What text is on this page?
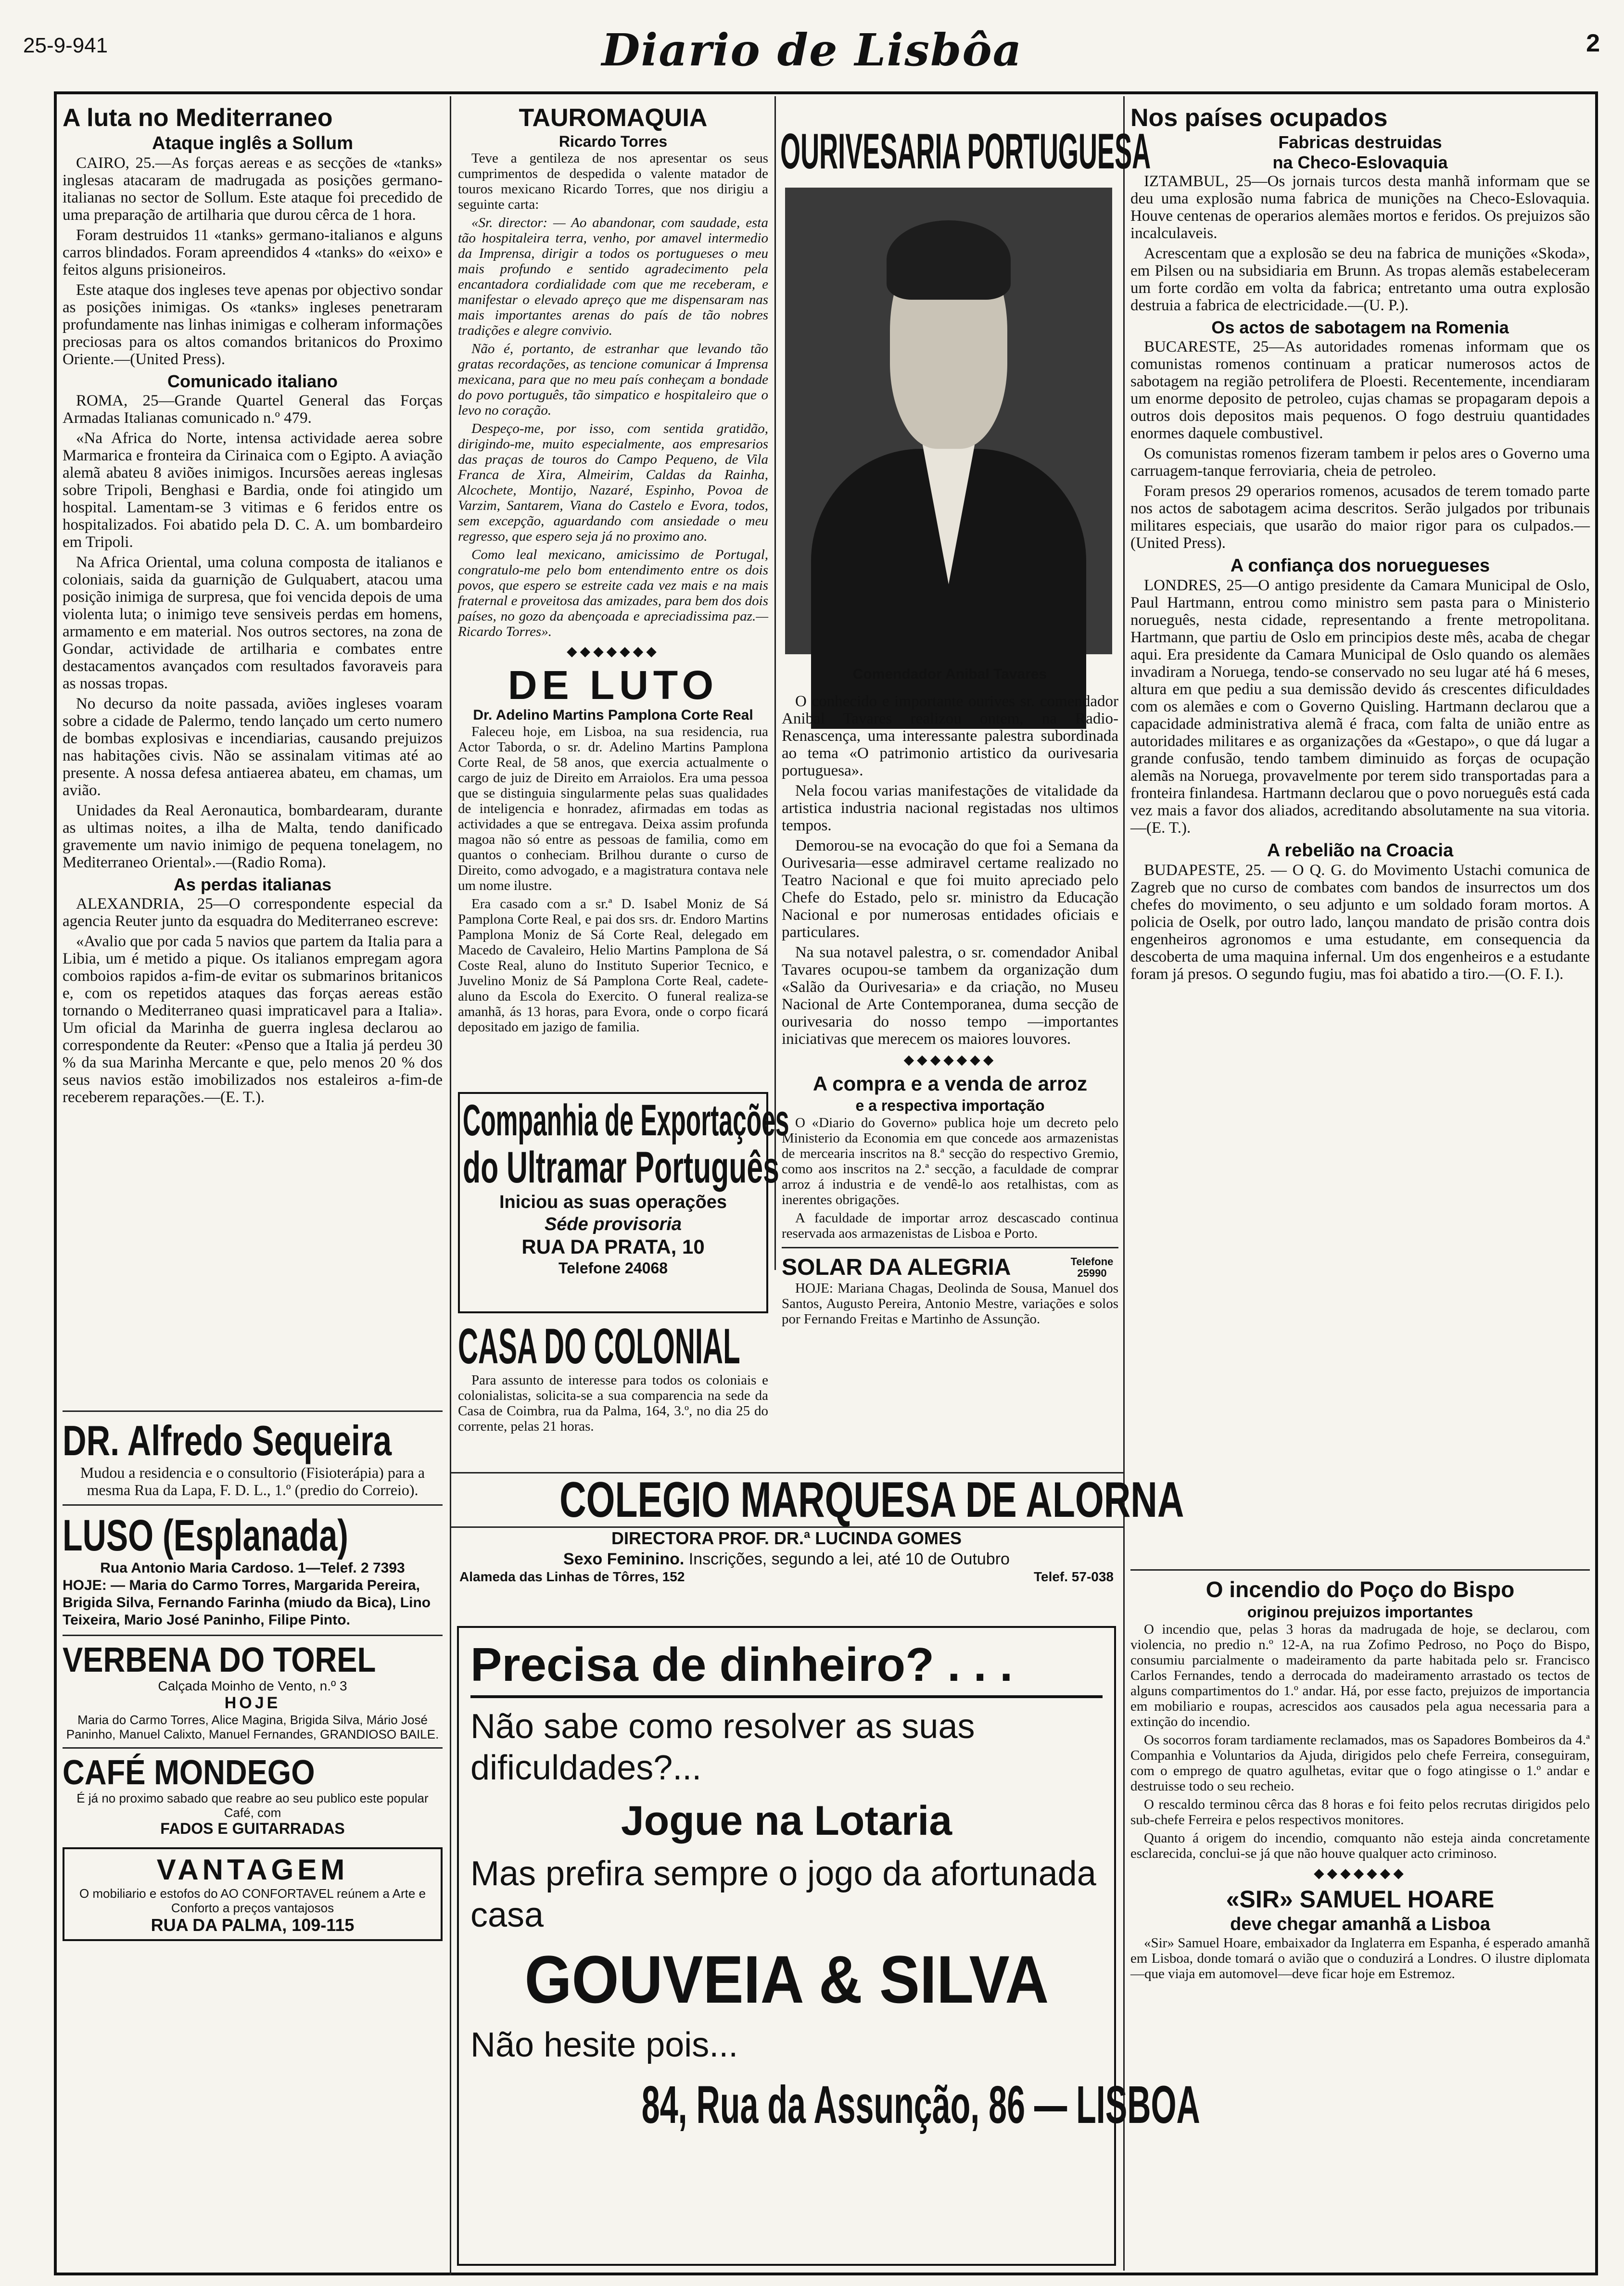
25-9-941	Diario de Lisbôa	2
A luta no Mediterraneo
Ataque inglês a Sollum

CAIRO, 25.—As forças aereas e as secções de «tanks» inglesas atacaram de madrugada as posições germano-italianas no sector de Sollum. Este ataque foi precedido de uma preparação de artilharia que durou cêrca de 1 hora.

Foram destruidos 11 «tanks» germano-italianos e alguns carros blindados. Foram apreendidos 4 «tanks» do «eixo» e feitos alguns prisioneiros.

Este ataque dos ingleses teve apenas por objectivo sondar as posições inimigas. Os «tanks» ingleses penetraram profundamente nas linhas inimigas e colheram informações preciosas para os altos comandos britanicos do Proximo Oriente.—(United Press).

Comunicado italiano

ROMA, 25—Grande Quartel General das Forças Armadas Italianas comunicado n.º 479.

«Na Africa do Norte, intensa actividade aerea sobre Marmarica e fronteira da Cirinaica com o Egipto. A aviação alemã abateu 8 aviões inimigos. Incursões aereas inglesas sobre Tripoli, Benghasi e Bardia, onde foi atingido um hospital. Lamentam-se 3 vitimas e 6 feridos entre os hospitalizados. Foi abatido pela D. C. A. um bombardeiro em Tripoli.

Na Africa Oriental, uma coluna composta de italianos e coloniais, saida da guarnição de Gulquabert, atacou uma posição inimiga de surpresa, que foi vencida depois de uma violenta luta; o inimigo teve sensiveis perdas em homens, armamento e em material. Nos outros sectores, na zona de Gondar, actividade de artilharia e combates entre destacamentos avançados com resultados favoraveis para as nossas tropas.

No decurso da noite passada, aviões ingleses voaram sobre a cidade de Palermo, tendo lançado um certo numero de bombas explosivas e incendiarias, causando prejuizos nas habitações civis. Não se assinalam vitimas até ao presente. A nossa defesa antiaerea abateu, em chamas, um avião.

Unidades da Real Aeronautica, bombardearam, durante as ultimas noites, a ilha de Malta, tendo danificado gravemente um navio inimigo de pequena tonelagem, no Mediterraneo Oriental».—(Radio Roma).

As perdas italianas

ALEXANDRIA, 25—O correspondente especial da agencia Reuter junto da esquadra do Mediterraneo escreve:

«Avalio que por cada 5 navios que partem da Italia para a Libia, um é metido a pique. Os italianos empregam agora comboios rapidos a-fim-de evitar os submarinos britanicos e, com os repetidos ataques das forças aereas estão tornando o Mediterraneo quasi impraticavel para a Italia». Um oficial da Marinha de guerra inglesa declarou ao correspondente da Reuter: «Penso que a Italia já perdeu 30 % da sua Marinha Mercante e que, pelo menos 20 % dos seus navios estão imobilizados nos estaleiros a-fim-de receberem reparações.—(E. T.).

DR. Alfredo Sequeira
Mudou a residencia e o consultorio (Fisioterápia) para a mesma Rua da Lapa, F. D. L., 1.º (predio do Correio).
LUSO (Esplanada)
Rua Antonio Maria Cardoso. 1—Telef. 2 7393
HOJE: — Maria do Carmo Torres, Margarida Pereira, Brigida Silva, Fernando Farinha (miudo da Bica), Lino Teixeira, Mario José Paninho, Filipe Pinto.
VERBENA DO TOREL
Calçada Moinho de Vento, n.º 3
HOJE
Maria do Carmo Torres, Alice Magina, Brigida Silva, Mário José Paninho, Manuel Calixto, Manuel Fernandes, GRANDIOSO BAILE.
CAFÉ MONDEGO
É já no proximo sabado que reabre ao seu publico este popular Café, com
FADOS E GUITARRADAS
VANTAGEM
O mobiliario e estofos do AO CONFORTAVEL reúnem a Arte e Conforto a preços vantajosos
RUA DA PALMA, 109-115
TAUROMAQUIA
Ricardo Torres

Teve a gentileza de nos apresentar os seus cumprimentos de despedida o valente matador de touros mexicano Ricardo Torres, que nos dirigiu a seguinte carta:

«Sr. director: — Ao abandonar, com saudade, esta tão hospitaleira terra, venho, por amavel intermedio da Imprensa, dirigir a todos os portugueses o meu mais profundo e sentido agradecimento pela encantadora cordialidade com que me receberam, e manifestar o elevado apreço que me dispensaram nas mais importantes arenas do país de tão nobres tradições e alegre convivio.

Não é, portanto, de estranhar que levando tão gratas recordações, as tencione comunicar á Imprensa mexicana, para que no meu país conheçam a bondade do povo português, tão simpatico e hospitaleiro que o levo no coração.

Despeço-me, por isso, com sentida gratidão, dirigindo-me, muito especialmente, aos empresarios das praças de touros do Campo Pequeno, de Vila Franca de Xira, Almeirim, Caldas da Rainha, Alcochete, Montijo, Nazaré, Espinho, Povoa de Varzim, Santarem, Viana do Castelo e Evora, todos, sem excepção, aguardando com ansiedade o meu regresso, que espero seja já no proximo ano.

Como leal mexicano, amicissimo de Portugal, congratulo-me pelo bom entendimento entre os dois povos, que espero se estreite cada vez mais e na mais fraternal e proveitosa das amizades, para bem dos dois países, no gozo da abençoada e apreciadissima paz.—Ricardo Torres».

◆◆◆◆◆◆◆
DE LUTO
Dr. Adelino Martins Pamplona Corte Real

Faleceu hoje, em Lisboa, na sua residencia, rua Actor Taborda, o sr. dr. Adelino Martins Pamplona Corte Real, de 58 anos, que exercia actualmente o cargo de juiz de Direito em Arraiolos. Era uma pessoa que se distinguia singularmente pelas suas qualidades de inteligencia e honradez, afirmadas em todas as actividades a que se entregava. Deixa assim profunda magoa não só entre as pessoas de familia, como em quantos o conheciam. Brilhou durante o curso de Direito, como advogado, e a magistratura contava nele um nome ilustre.

Era casado com a sr.ª D. Isabel Moniz de Sá Pamplona Corte Real, e pai dos srs. dr. Endoro Martins Pamplona Moniz de Sá Corte Real, delegado em Macedo de Cavaleiro, Helio Martins Pamplona de Sá Coste Real, aluno do Instituto Superior Tecnico, e Juvelino Moniz de Sá Pamplona Corte Real, cadete-aluno da Escola do Exercito. O funeral realiza-se amanhã, ás 13 horas, para Evora, onde o corpo ficará depositado em jazigo de familia.

Companhia de Exportações
do Ultramar Português
Iniciou as suas operações
Séde provisoria
RUA DA PRATA, 10
Telefone 24068
CASA DO COLONIAL

Para assunto de interesse para todos os coloniais e colonialistas, solicita-se a sua comparencia na sede da Casa de Coimbra, rua da Palma, 164, 3.º, no dia 25 do corrente, pelas 21 horas.

OURIVESARIA PORTUGUESA
Comendador Anibal Tavares

O conhecido e importante ourives sr. comendador Anibal Tavares realizou ontem, na Radio-Renascença, uma interessante palestra subordinada ao tema «O patrimonio artistico da ourivesaria portuguesa».

Nela focou varias manifestações de vitalidade da artistica industria nacional registadas nos ultimos tempos.

Demorou-se na evocação do que foi a Semana da Ourivesaria—esse admiravel certame realizado no Teatro Nacional e que foi muito apreciado pelo Chefe do Estado, pelo sr. ministro da Educação Nacional e por numerosas entidades oficiais e particulares.

Na sua notavel palestra, o sr. comendador Anibal Tavares ocupou-se tambem da organização dum «Salão da Ourivesaria» e da criação, no Museu Nacional de Arte Contemporanea, duma secção de ourivesaria do nosso tempo —importantes iniciativas que merecem os maiores louvores.

◆◆◆◆◆◆◆
A compra e a venda de arroz
e a respectiva importação

O «Diario do Governo» publica hoje um decreto pelo Ministerio da Economia em que concede aos armazenistas de mercearia inscritos na 8.ª secção do respectivo Gremio, como aos inscritos na 2.ª secção, a faculdade de comprar arroz á industria e de vendê-lo aos retalhistas, com as inerentes obrigações.

A faculdade de importar arroz descascado continua reservada aos armazenistas de Lisboa e Porto.

SOLAR DA ALEGRIA	Telefone 25990

HOJE: Mariana Chagas, Deolinda de Sousa, Manuel dos Santos, Augusto Pereira, Antonio Mestre, variações e solos por Fernando Freitas e Martinho de Assunção.

Nos países ocupados
Fabricas destruidas
na Checo-Eslovaquia

IZTAMBUL, 25—Os jornais turcos desta manhã informam que se deu uma explosão numa fabrica de munições na Checo-Eslovaquia. Houve centenas de operarios alemães mortos e feridos. Os prejuizos são incalculaveis.

Acrescentam que a explosão se deu na fabrica de munições «Skoda», em Pilsen ou na subsidiaria em Brunn. As tropas alemãs estabeleceram um forte cordão em volta da fabrica; entretanto uma outra explosão destruia a fabrica de electricidade.—(U. P.).

Os actos de sabotagem na Romenia

BUCARESTE, 25—As autoridades romenas informam que os comunistas romenos continuam a praticar numerosos actos de sabotagem na região petrolifera de Ploesti. Recentemente, incendiaram um enorme deposito de petroleo, cujas chamas se propagaram depois a outros dois depositos mais pequenos. O fogo destruiu quantidades enormes daquele combustivel.

Os comunistas romenos fizeram tambem ir pelos ares o Governo uma carruagem-tanque ferroviaria, cheia de petroleo.

Foram presos 29 operarios romenos, acusados de terem tomado parte nos actos de sabotagem acima descritos. Serão julgados por tribunais militares especiais, que usarão do maior rigor para os culpados.—(United Press).

A confiança dos noruegueses

LONDRES, 25—O antigo presidente da Camara Municipal de Oslo, Paul Hartmann, entrou como ministro sem pasta para o Ministerio norueguês, nesta cidade, representando a frente metropolitana. Hartmann, que partiu de Oslo em principios deste mês, acaba de chegar aqui. Era presidente da Camara Municipal de Oslo quando os alemães invadiram a Noruega, tendo-se conservado no seu lugar até há 6 meses, altura em que pediu a sua demissão devido ás crescentes dificuldades com os alemães e com o Governo Quisling. Hartmann declarou que a capacidade administrativa alemã é fraca, com falta de união entre as autoridades militares e as organizações da «Gestapo», o que dá lugar a grande confusão, tendo tambem diminuido as forças de ocupação alemãs na Noruega, provavelmente por terem sido transportadas para a fronteira finlandesa. Hartmann declarou que o povo norueguês está cada vez mais a favor dos aliados, acreditando absolutamente na sua vitoria.—(E. T.).

A rebelião na Croacia

BUDAPESTE, 25. — O Q. G. do Movimento Ustachi comunica de Zagreb que no curso de combates com bandos de insurrectos um dos chefes do movimento, o seu adjunto e um soldado foram mortos. A policia de Oselk, por outro lado, lançou mandato de prisão contra dois engenheiros agronomos e uma estudante, em consequencia da descoberta de uma maquina infernal. Um dos engenheiros e a estudante foram já presos. O segundo fugiu, mas foi abatido a tiro.—(O. F. I.).

O incendio do Poço do Bispo
originou prejuizos importantes

O incendio que, pelas 3 horas da madrugada de hoje, se declarou, com violencia, no predio n.º 12-A, na rua Zofimo Pedroso, no Poço do Bispo, consumiu parcialmente o madeiramento da parte habitada pelo sr. Francisco Carlos Fernandes, tendo a derrocada do madeiramento arrastado os tectos de alguns compartimentos do 1.º andar. Há, por esse facto, prejuizos de importancia em mobiliario e roupas, acrescidos aos causados pela agua necessaria para a extinção do incendio.

Os socorros foram tardiamente reclamados, mas os Sapadores Bombeiros da 4.ª Companhia e Voluntarios da Ajuda, dirigidos pelo chefe Ferreira, conseguiram, com o emprego de quatro agulhetas, evitar que o fogo atingisse o 1.º andar e destruisse todo o seu recheio.

O rescaldo terminou cêrca das 8 horas e foi feito pelos recrutas dirigidos pelo sub-chefe Ferreira e pelos respectivos monitores.

Quanto á origem do incendio, comquanto não esteja ainda concretamente esclarecida, conclui-se já que não houve qualquer acto criminoso.

◆◆◆◆◆◆◆
«SIR» SAMUEL HOARE
deve chegar amanhã a Lisboa

«Sir» Samuel Hoare, embaixador da Inglaterra em Espanha, é esperado amanhã em Lisboa, donde tomará o avião que o conduzirá a Londres. O ilustre diplomata—que viaja em automovel—deve ficar hoje em Estremoz.

COLEGIO MARQUESA DE ALORNA
DIRECTORA PROF. DR.ª LUCINDA GOMES
Sexo Feminino. Inscrições, segundo a lei, até 10 de Outubro
Alameda das Linhas de Tôrres, 152	Telef. 57-038
Precisa de dinheiro? . . .
Não sabe como resolver as suas dificuldades?...
Jogue na Lotaria
Mas prefira sempre o jogo da afortunada casa
GOUVEIA & SILVA
Não hesite pois...
84, Rua da Assunção, 86 — LISBOA
